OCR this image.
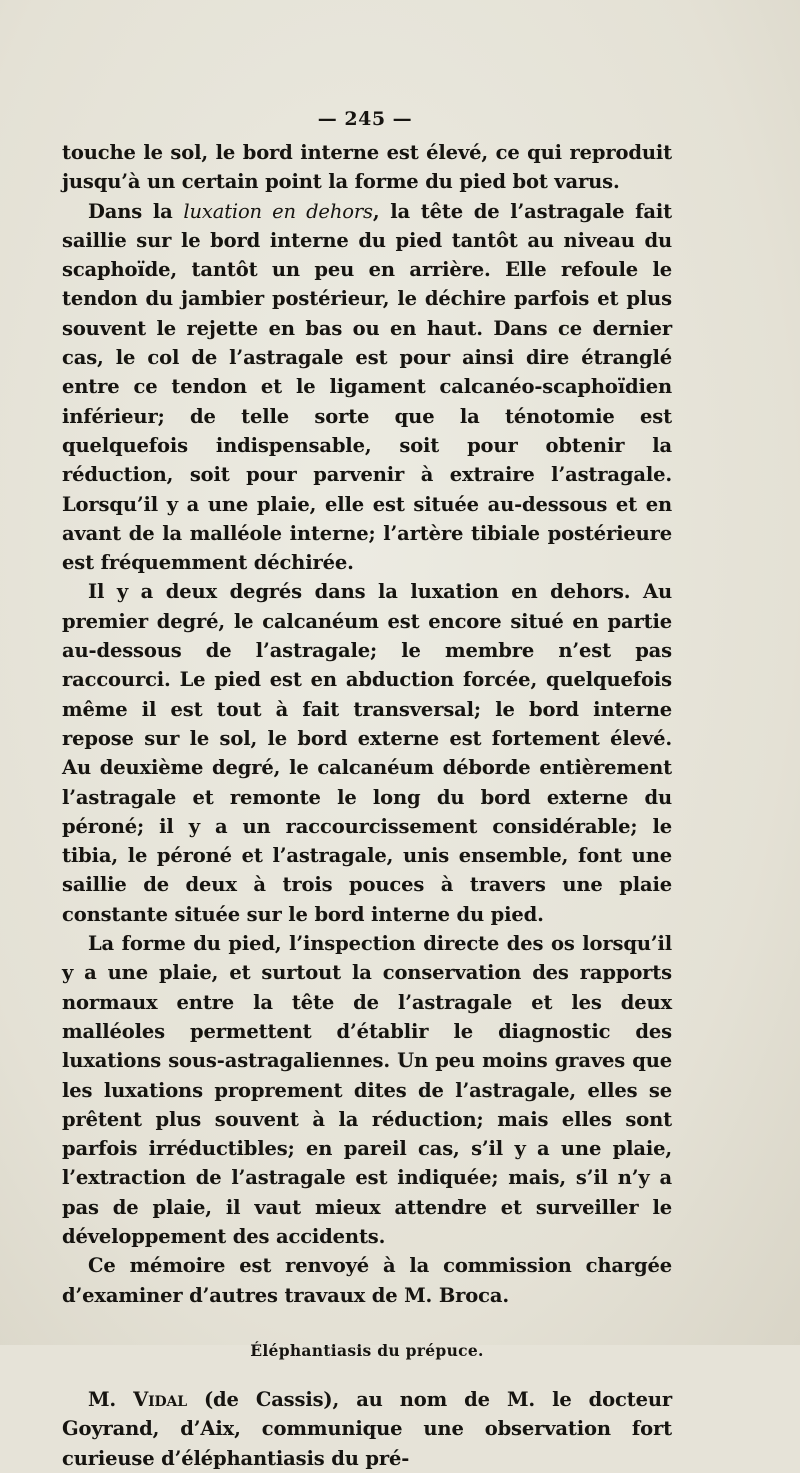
— 245 —

touche le sol, le bord interne est élevé, ce qui reproduit jusqu’à un certain point la forme du pied bot varus.

Dans la luxation en dehors, la tête de l’astragale fait saillie sur le bord interne du pied tantôt au niveau du scaphoïde, tantôt un peu en arrière. Elle refoule le tendon du jambier postérieur, le déchire parfois et plus souvent le rejette en bas ou en haut. Dans ce dernier cas, le col de l’astragale est pour ainsi dire étranglé entre ce tendon et le ligament calcanéo-scaphoïdien inférieur; de telle sorte que la ténotomie est quelquefois indispensable, soit pour obtenir la réduction, soit pour parvenir à extraire l’astragale. Lorsqu’il y a une plaie, elle est située au-dessous et en avant de la malléole interne; l’artère tibiale postérieure est fréquemment déchirée.

Il y a deux degrés dans la luxation en dehors. Au premier degré, le calcanéum est encore situé en partie au-dessous de l’astragale; le membre n’est pas raccourci. Le pied est en abduction forcée, quelquefois même il est tout à fait transversal; le bord interne repose sur le sol, le bord externe est fortement élevé. Au deuxième degré, le calcanéum déborde entièrement l’astragale et remonte le long du bord externe du péroné; il y a un raccourcissement considérable; le tibia, le péroné et l’astragale, unis ensemble, font une saillie de deux à trois pouces à travers une plaie constante située sur le bord interne du pied.

La forme du pied, l’inspection directe des os lorsqu’il y a une plaie, et surtout la conservation des rapports normaux entre la tête de l’astragale et les deux malléoles permettent d’établir le diagnostic des luxations sous-astragaliennes. Un peu moins graves que les luxations proprement dites de l’astragale, elles se prêtent plus souvent à la réduction; mais elles sont parfois irréductibles; en pareil cas, s’il y a une plaie, l’extraction de l’astragale est indiquée; mais, s’il n’y a pas de plaie, il vaut mieux attendre et surveiller le développement des accidents.

Ce mémoire est renvoyé à la commission chargée d’examiner d’autres travaux de M. Broca.

Éléphantiasis du prépuce.

M. Vidal (de Cassis), au nom de M. le docteur Goyrand, d’Aix, communique une observation fort curieuse d’éléphantiasis du pré-
